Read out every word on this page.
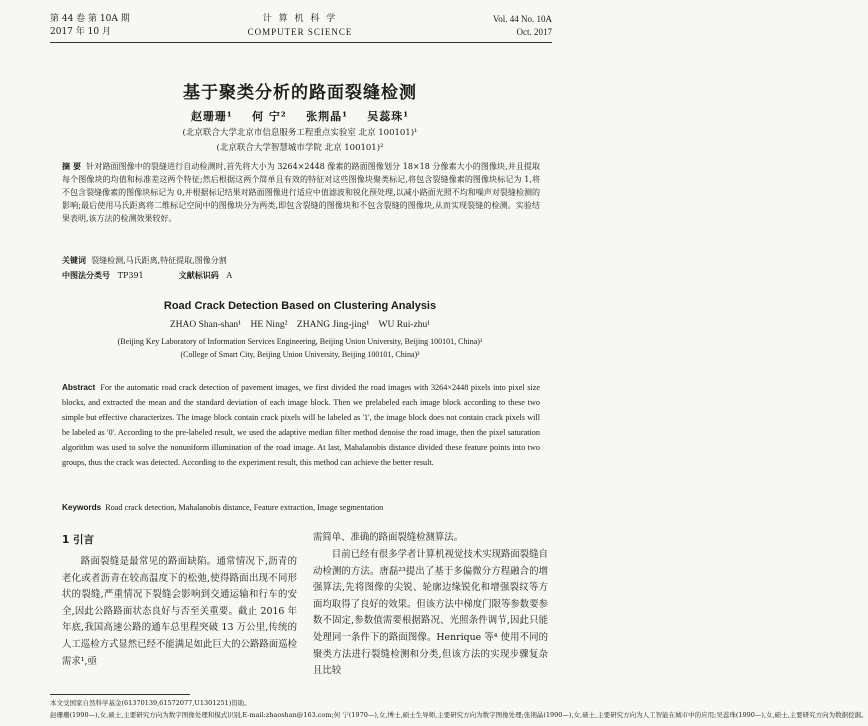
第 44 卷 第 10A 期
2017 年 10 月
计 算 机 科 学
COMPUTER SCIENCE
Vol. 44 No. 10A
Oct. 2017
基于聚类分析的路面裂缝检测
赵珊珊¹ 何 宁² 张荆晶¹ 吴蕊珠¹
(北京联合大学北京市信息服务工程重点实验室 北京 100101)¹
(北京联合大学智慧城市学院 北京 100101)²
摘 要 针对路面图像中的裂缝进行自动检测时,首先将大小为 3264×2448 像素的路面图像划分 18×18 分像素大小的图像块,并且提取每个图像块的均值和标准差这两个特征;然后根据这两个简单且有效的特征对这些图像块聚类标记,将包含裂缝像素的图像块标记为 1,将不包含裂缝像素的图像块标记为 0,并根据标记结果对路面图像进行适应中值滤波和锐化预处理,以减小路面光照不均和噪声对裂缝检测的影响;最后使用马氏距离将二维标记空间中的图像块分为两类,即包含裂缝的图像块和不包含裂缝的图像块,从而实现裂缝的检测。实验结果表明,该方法的检测效果较好。
关键词 裂缝检测,马氏距离,特征提取,图像分割
中图法分类号 TP391	文献标识码 A
Road Crack Detection Based on Clustering Analysis
ZHAO Shan-shan¹    HE Ning²    ZHANG Jing-jing¹    WU Rui-zhu¹
(Beijing Key Laboratory of Information Services Engineering, Beijing Union University, Beijing 100101, China)¹
(College of Smart City, Beijing Union University, Beijing 100101, China)²
Abstract For the automatic road crack detection of pavement images, we first divided the road images with 3264×2448 pixels into pixel size blocks, and extracted the mean and the standard deviation of each image block. Then we prelabeled each image block according to these two simple but effective characterizes. The image block contain crack pixels will be labeled as '1', the image block does not contain crack pixels will be labeled as '0'. According to the pre-labeled result, we used the adaptive median filter method denoise the road image, then the pixel saturation algorithm was used to solve the nonuniform illumination of the road image. At last, Mahalanobis distance divided these feature points into two groups, thus the crack was detected. According to the experiment result, this method can achieve the better result.
Keywords Road crack detection, Mahalanobis distance, Feature extraction, Image segmentation
1 引言
路面裂缝是最常见的路面缺陷。通常情况下,沥青的老化或者沥青在较高温度下的松弛,使得路面出现不同形状的裂缝,严重情况下裂缝会影响到交通运输和行车的安全,因此公路路面状态良好与否至关重要。截止 2016 年年底,我国高速公路的通车总里程突破 13 万公里,传统的人工巡检方式显然已经不能满足如此巨大的公路路面巡检需求¹,亟
需简单、准确的路面裂缝检测算法。
目前已经有很多学者计算机视觉技术实现路面裂缝自动检测的方法。唐磊²³提出了基于多偏微分方程融合的增强算法,先将图像的尖锐、轮廓边缘锐化和增强裂纹等方面均取得了良好的效果。但该方法中梯度门限等参数要参数不固定,参数值需要根据路况、光照条件调节,因此只能处理同一条件下的路面图像。Henrique 等⁴ 使用不同的聚类方法进行裂缝检测和分类,但该方法的实现步骤复杂且比较
本文受国家自然科学基金(61370139,61572077,U1301251)资助。
赵珊珊(1990—),女,硕士,主要研究方向为数字图像处理和模式识别,E-mail:zhaoshan@163.com;何 宁(1970—),女,博士,硕士生导师,主要研究方向为数字图像处理;张荆晶(1990—),女,硕士,主要研究方向为人工智能在城市中的应用;吴蕊珠(1990—),女,硕士,主要研究方向为数据挖掘。
